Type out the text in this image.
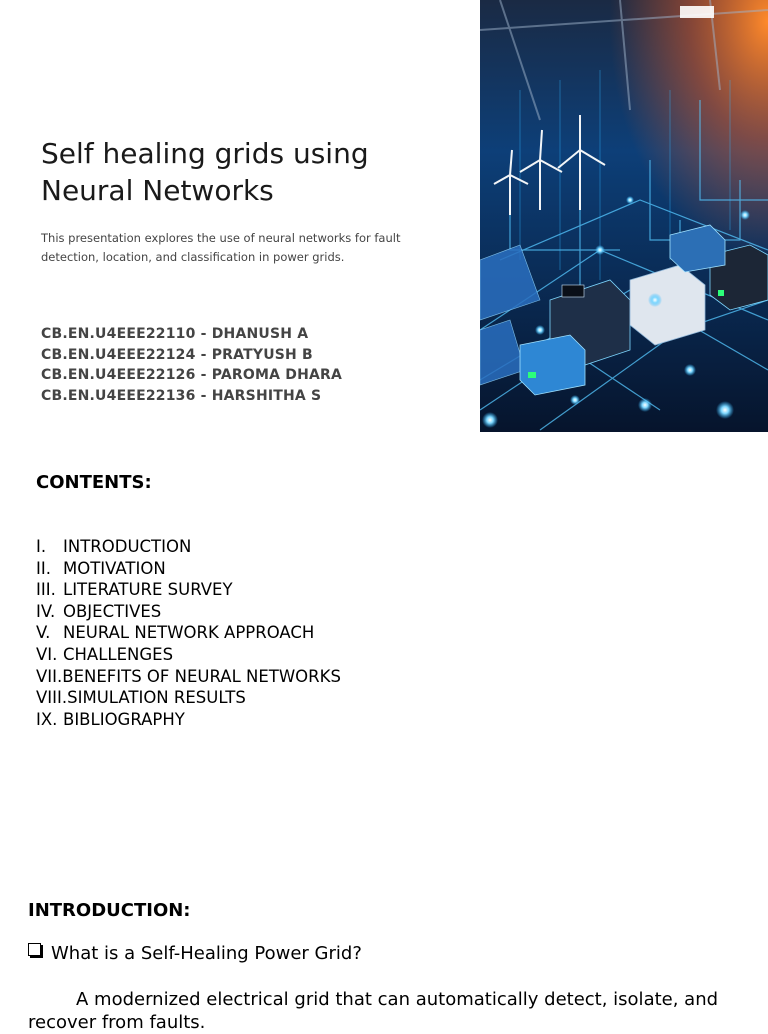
Self healing grids using Neural Networks

This presentation explores the use of neural networks for fault detection, location, and classification in power grids.

CB.EN.U4EEE22110 - DHANUSH A
CB.EN.U4EEE22124 - PRATYUSH B
CB.EN.U4EEE22126 - PAROMA DHARA
CB.EN.U4EEE22136 - HARSHITHA S
CONTENTS:
I. INTRODUCTION
II. MOTIVATION
III. LITERATURE SURVEY
IV. OBJECTIVES
V. NEURAL NETWORK APPROACH
VI. CHALLENGES
VII.BENEFITS OF NEURAL NETWORKS
VIII.SIMULATION RESULTS
IX. BIBLIOGRAPHY
INTRODUCTION:

What is a Self-Healing Power Grid?

A modernized electrical grid that can automatically detect, isolate, and recover from faults.
